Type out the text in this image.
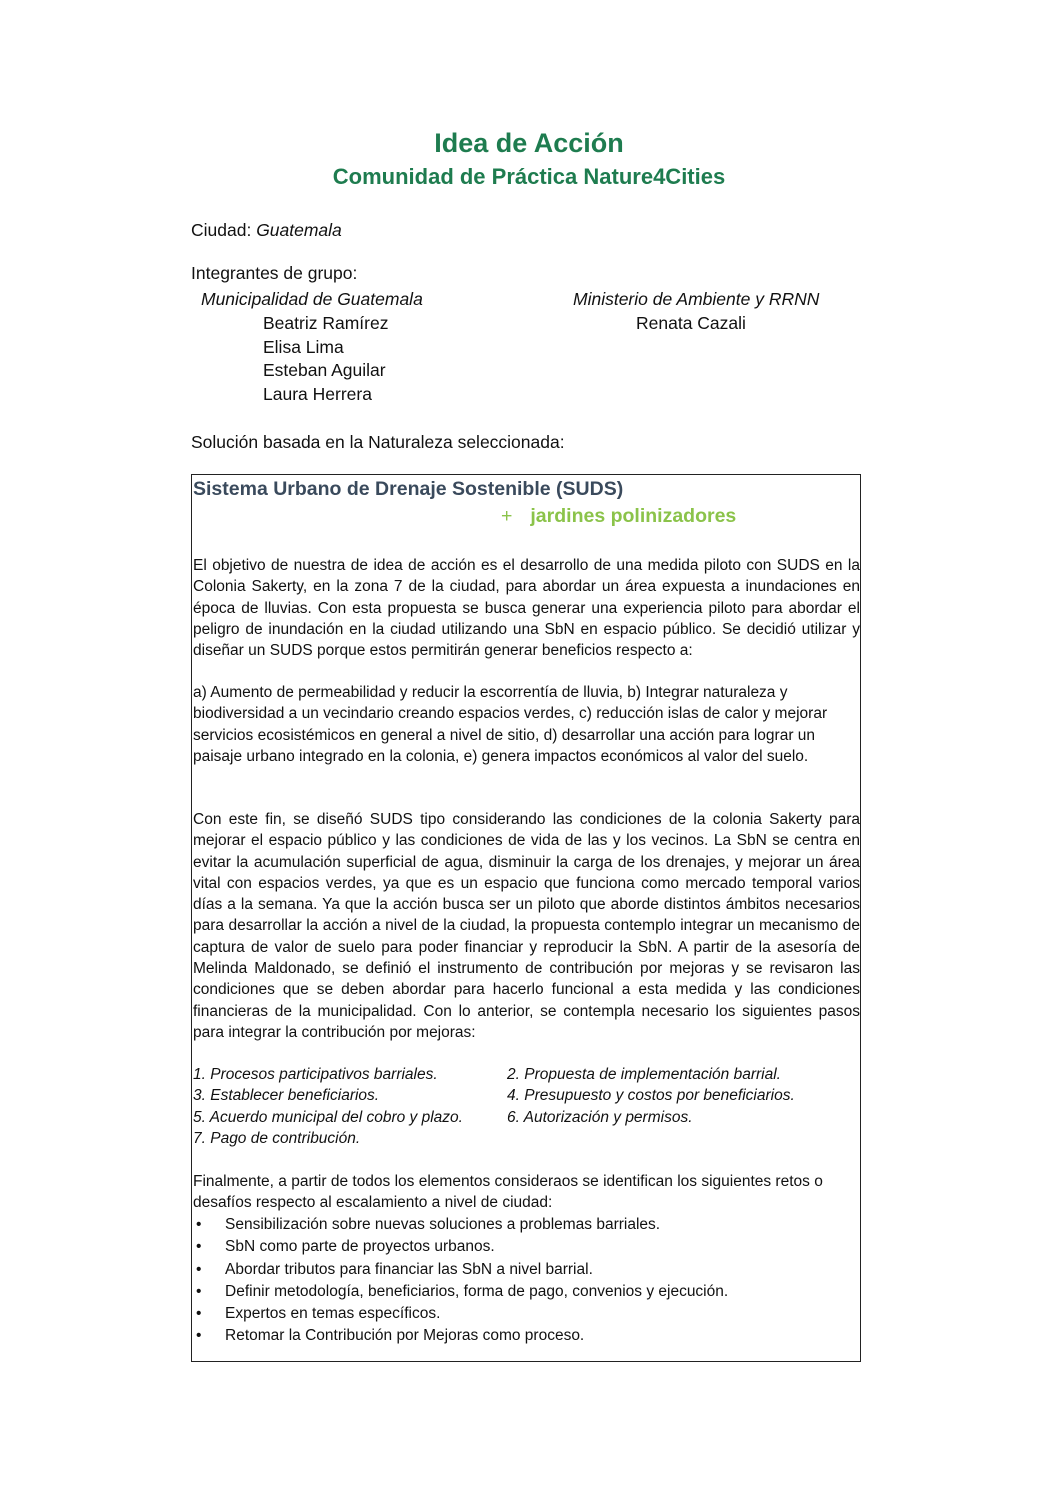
Idea de Acción
Comunidad de Práctica Nature4Cities
Ciudad: Guatemala
Integrantes de grupo:
Municipalidad de Guatemala
Beatriz Ramírez
Elisa Lima
Esteban Aguilar
Laura Herrera
Ministerio de Ambiente y RRNN
Renata Cazali
Solución basada en la Naturaleza seleccionada:
Sistema Urbano de Drenaje Sostenible (SUDS)
+ jardines polinizadores
El objetivo de nuestra de idea de acción es el desarrollo de una medida piloto con SUDS en la Colonia Sakerty, en la zona 7 de la ciudad, para abordar un área expuesta a inundaciones en época de lluvias. Con esta propuesta se busca generar una experiencia piloto para abordar el peligro de inundación en la ciudad utilizando una SbN en espacio público. Se decidió utilizar y diseñar un SUDS porque estos permitirán generar beneficios respecto a:
a) Aumento de permeabilidad y reducir la escorrentía de lluvia, b) Integrar naturaleza y biodiversidad a un vecindario creando espacios verdes, c) reducción islas de calor y mejorar servicios ecosistémicos en general a nivel de sitio, d) desarrollar una acción para lograr un paisaje urbano integrado en la colonia, e) genera impactos económicos al valor del suelo.
Con este fin, se diseñó SUDS tipo considerando las condiciones de la colonia Sakerty para mejorar el espacio público y las condiciones de vida de las y los vecinos. La SbN se centra en evitar la acumulación superficial de agua, disminuir la carga de los drenajes, y mejorar un área vital con espacios verdes, ya que es un espacio que funciona como mercado temporal varios días a la semana. Ya que la acción busca ser un piloto que aborde distintos ámbitos necesarios para desarrollar la acción a nivel de la ciudad, la propuesta contemplo integrar un mecanismo de captura de valor de suelo para poder financiar y reproducir la SbN. A partir de la asesoría de Melinda Maldonado, se definió el instrumento de contribución por mejoras y se revisaron las condiciones que se deben abordar para hacerlo funcional a esta medida y las condiciones financieras de la municipalidad. Con lo anterior, se contempla necesario los siguientes pasos para integrar la contribución por mejoras:
1. Procesos participativos barriales.	2. Propuesta de implementación barrial.
3. Establecer beneficiarios.	4. Presupuesto y costos por beneficiarios.
5. Acuerdo municipal del cobro y plazo.	6. Autorización y permisos.
7. Pago de contribución.
Finalmente, a partir de todos los elementos consideraos se identifican los siguientes retos o desafíos respecto al escalamiento a nivel de ciudad:
• Sensibilización sobre nuevas soluciones a problemas barriales.
• SbN como parte de proyectos urbanos.
• Abordar tributos para financiar las SbN a nivel barrial.
• Definir metodología, beneficiarios, forma de pago, convenios y ejecución.
• Expertos en temas específicos.
• Retomar la Contribución por Mejoras como proceso.
